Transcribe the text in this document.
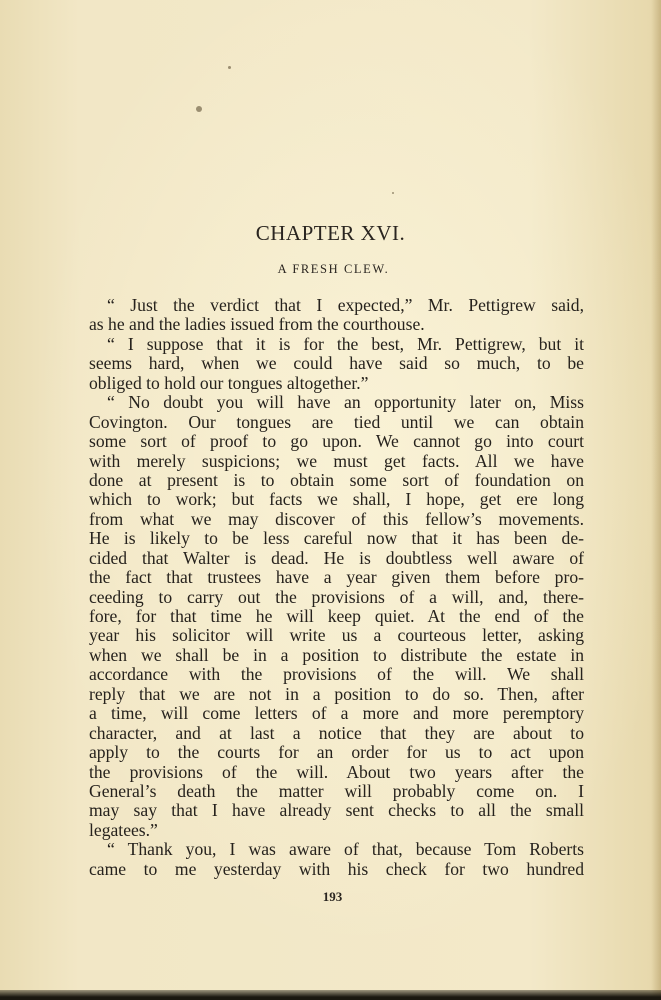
CHAPTER XVI.
A FRESH CLEW.
“ Just the verdict that I expected,” Mr. Pettigrew said,
as he and the ladies issued from the courthouse.
“ I suppose that it is for the best, Mr. Pettigrew, but it
seems hard, when we could have said so much, to be
obliged to hold our tongues altogether.”
“ No doubt you will have an opportunity later on, Miss
Covington. Our tongues are tied until we can obtain
some sort of proof to go upon. We cannot go into court
with merely suspicions; we must get facts. All we have
done at present is to obtain some sort of foundation on
which to work; but facts we shall, I hope, get ere long
from what we may discover of this fellow’s movements.
He is likely to be less careful now that it has been de-
cided that Walter is dead. He is doubtless well aware of
the fact that trustees have a year given them before pro-
ceeding to carry out the provisions of a will, and, there-
fore, for that time he will keep quiet. At the end of the
year his solicitor will write us a courteous letter, asking
when we shall be in a position to distribute the estate in
accordance with the provisions of the will. We shall
reply that we are not in a position to do so. Then, after
a time, will come letters of a more and more peremptory
character, and at last a notice that they are about to
apply to the courts for an order for us to act upon
the provisions of the will. About two years after the
General’s death the matter will probably come on. I
may say that I have already sent checks to all the small
legatees.”
“ Thank you, I was aware of that, because Tom Roberts
came to me yesterday with his check for two hundred
193
